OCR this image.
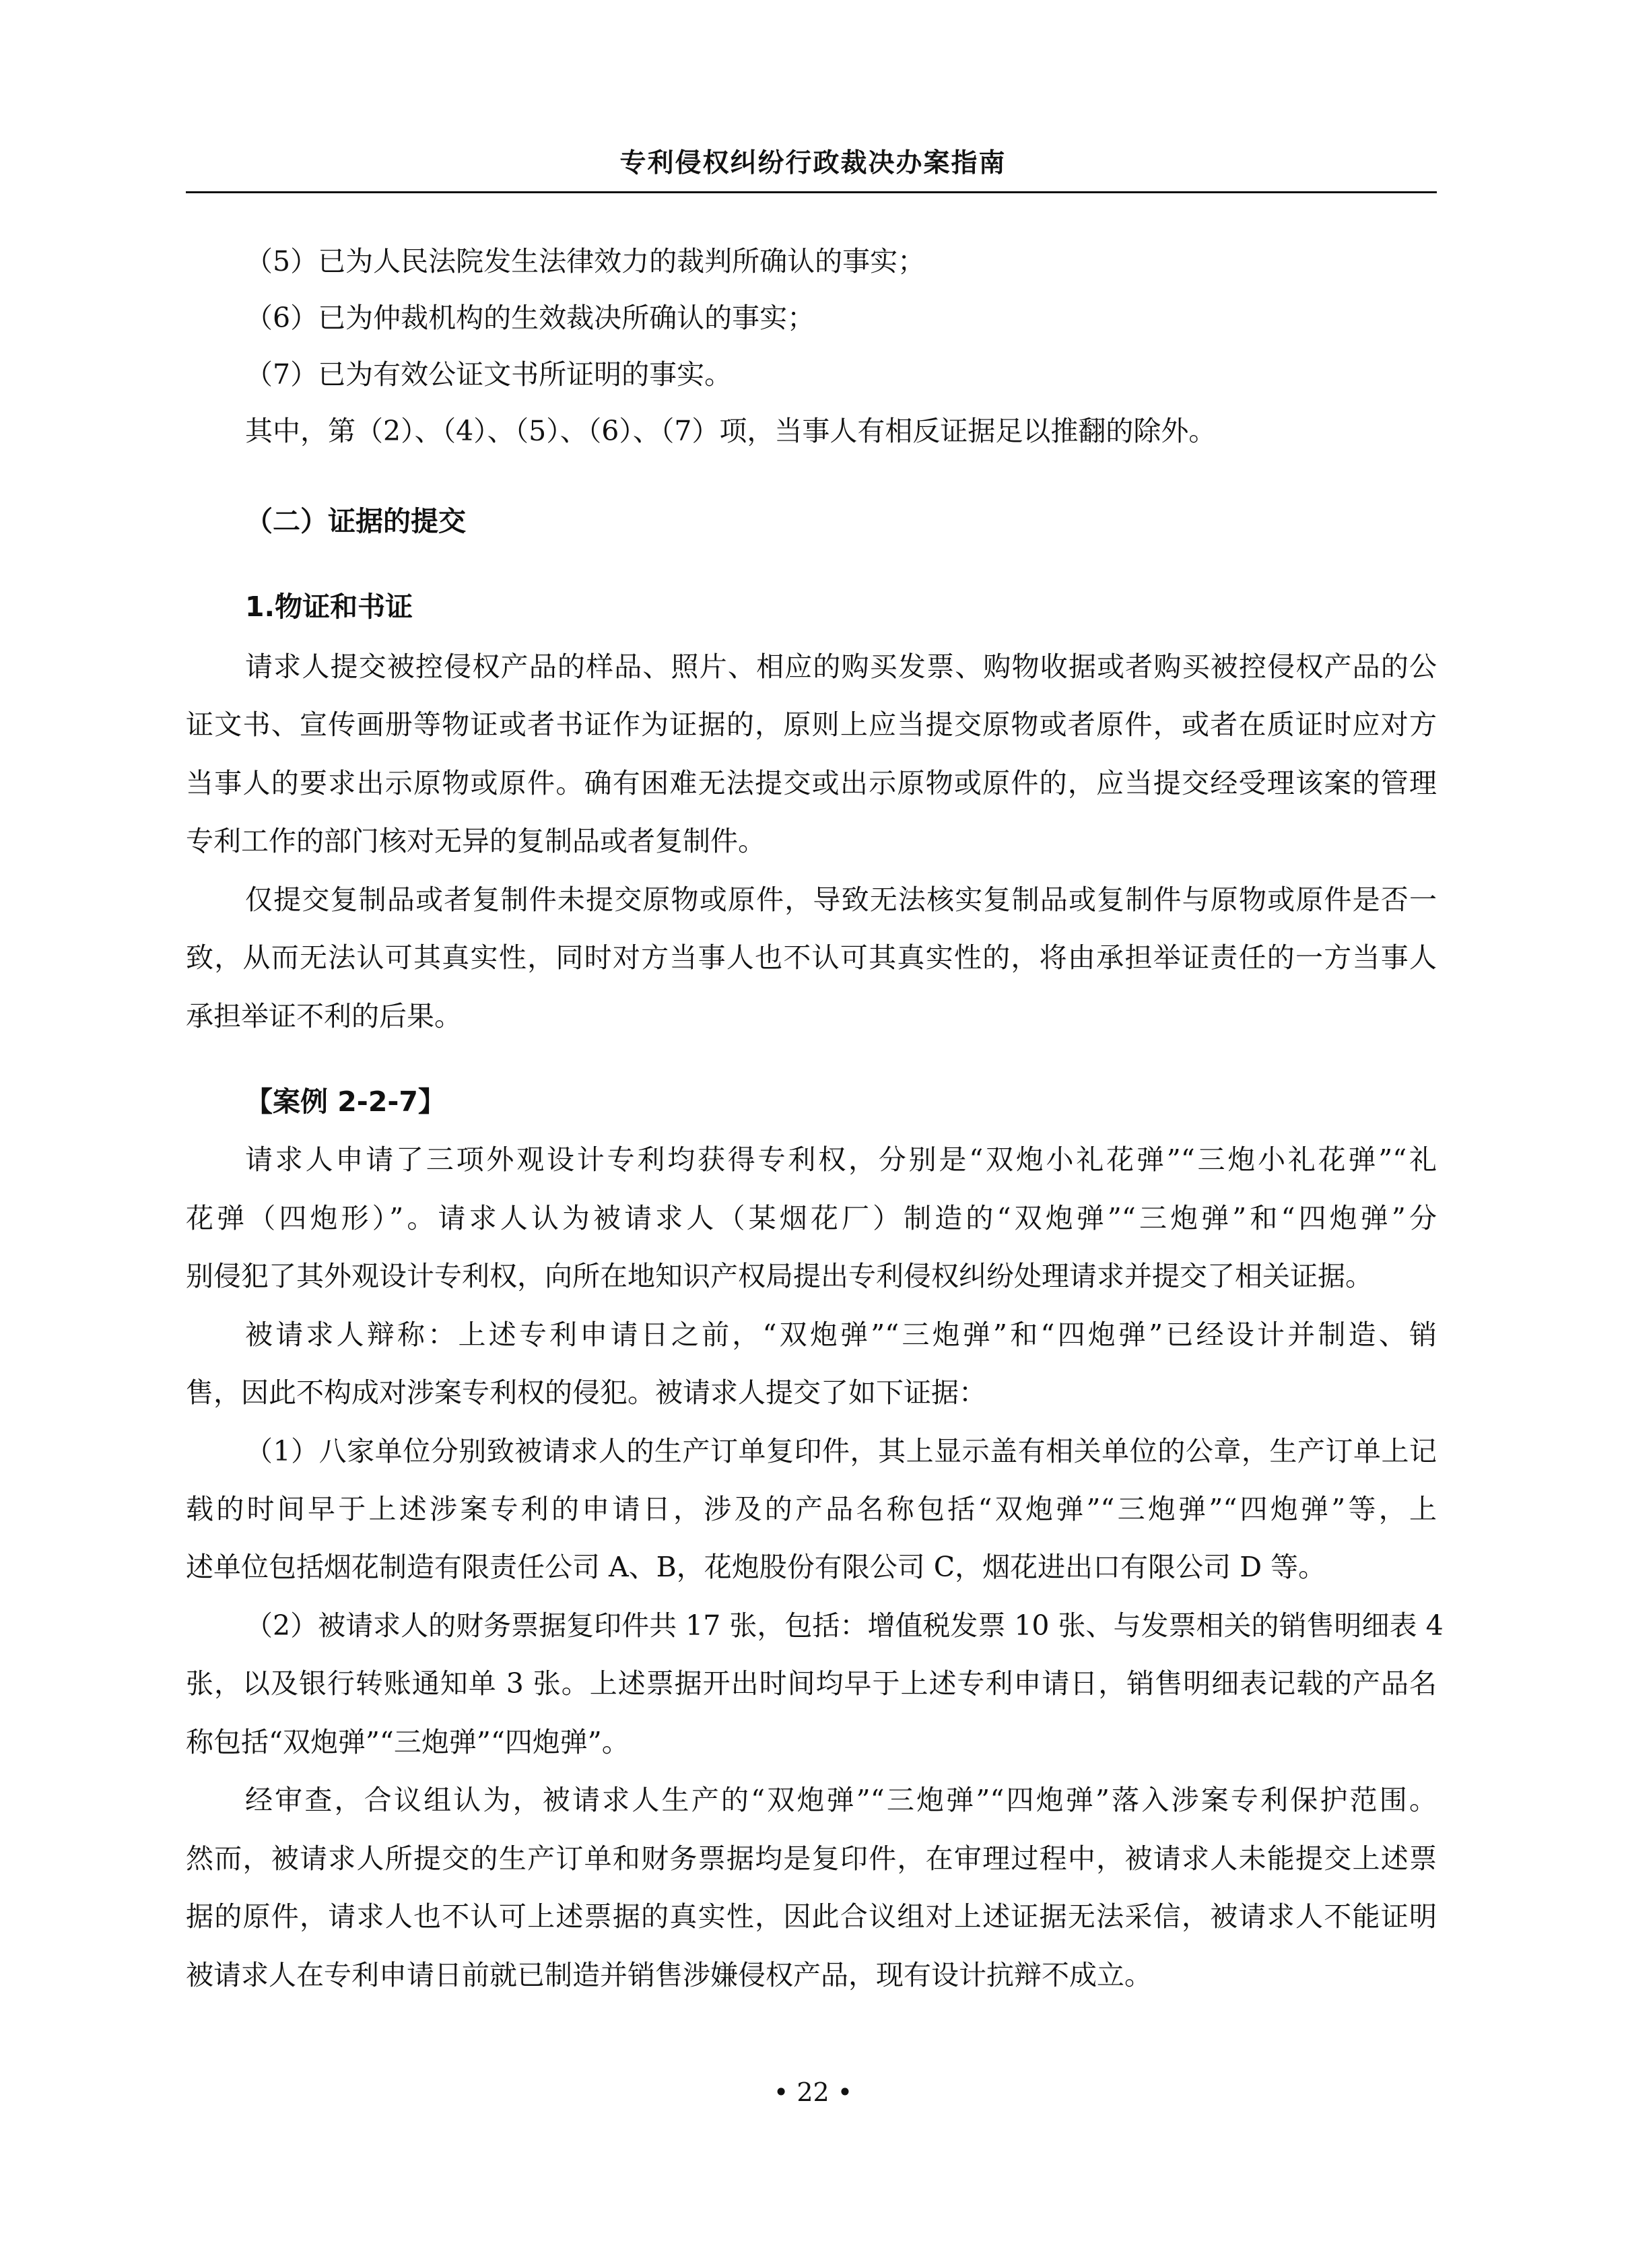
专利侵权纠纷行政裁决办案指南
（5）已为人民法院发生法律效力的裁判所确认的事实；
（6）已为仲裁机构的生效裁决所确认的事实；
（7）已为有效公证文书所证明的事实。
其中，第（2）、（4）、（5）、（6）、（7）项，当事人有相反证据足以推翻的除外。
（二）证据的提交
1.物证和书证
请求人提交被控侵权产品的样品、照片、相应的购买发票、购物收据或者购买被控侵权产品的公
证文书、宣传画册等物证或者书证作为证据的，原则上应当提交原物或者原件，或者在质证时应对方
当事人的要求出示原物或原件。确有困难无法提交或出示原物或原件的，应当提交经受理该案的管理
专利工作的部门核对无异的复制品或者复制件。
仅提交复制品或者复制件未提交原物或原件，导致无法核实复制品或复制件与原物或原件是否一
致，从而无法认可其真实性，同时对方当事人也不认可其真实性的，将由承担举证责任的一方当事人
承担举证不利的后果。
【案例 2-2-7】
请求人申请了三项外观设计专利均获得专利权，分别是“双炮小礼花弹”“三炮小礼花弹”“礼
花弹（四炮形）”。请求人认为被请求人（某烟花厂）制造的“双炮弹”“三炮弹”和“四炮弹”分
别侵犯了其外观设计专利权，向所在地知识产权局提出专利侵权纠纷处理请求并提交了相关证据。
被请求人辩称：上述专利申请日之前，“双炮弹”“三炮弹”和“四炮弹”已经设计并制造、销
售，因此不构成对涉案专利权的侵犯。被请求人提交了如下证据：
（1）八家单位分别致被请求人的生产订单复印件，其上显示盖有相关单位的公章，生产订单上记
载的时间早于上述涉案专利的申请日，涉及的产品名称包括“双炮弹”“三炮弹”“四炮弹”等，上
述单位包括烟花制造有限责任公司 A、B，花炮股份有限公司 C，烟花进出口有限公司 D 等。
（2）被请求人的财务票据复印件共 17 张，包括：增值税发票 10 张、与发票相关的销售明细表 4
张，以及银行转账通知单 3 张。上述票据开出时间均早于上述专利申请日，销售明细表记载的产品名
称包括“双炮弹”“三炮弹”“四炮弹”。
经审查，合议组认为，被请求人生产的“双炮弹”“三炮弹”“四炮弹”落入涉案专利保护范围。
然而，被请求人所提交的生产订单和财务票据均是复印件，在审理过程中，被请求人未能提交上述票
据的原件，请求人也不认可上述票据的真实性，因此合议组对上述证据无法采信，被请求人不能证明
被请求人在专利申请日前就已制造并销售涉嫌侵权产品，现有设计抗辩不成立。
• 22 •
